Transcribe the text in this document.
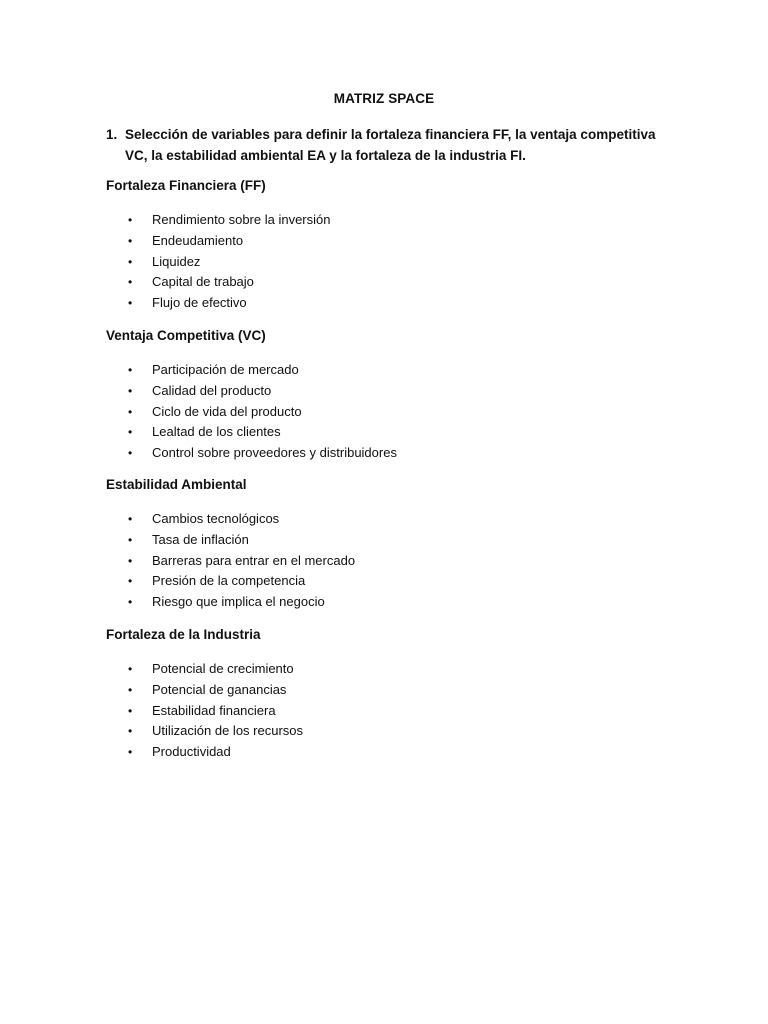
MATRIZ SPACE
1. Selección de variables para definir la fortaleza financiera FF, la ventaja competitiva VC, la estabilidad ambiental EA y la fortaleza de la industria FI.

Fortaleza Financiera (FF)

• Rendimiento sobre la inversión
• Endeudamiento
• Liquidez
• Capital de trabajo
• Flujo de efectivo

Ventaja Competitiva (VC)

• Participación de mercado
• Calidad del producto
• Ciclo de vida del producto
• Lealtad de los clientes
• Control sobre proveedores y distribuidores

Estabilidad Ambiental

• Cambios tecnológicos
• Tasa de inflación
• Barreras para entrar en el mercado
• Presión de la competencia
• Riesgo que implica el negocio

Fortaleza de la Industria

• Potencial de crecimiento
• Potencial de ganancias
• Estabilidad financiera
• Utilización de los recursos
• Productividad
